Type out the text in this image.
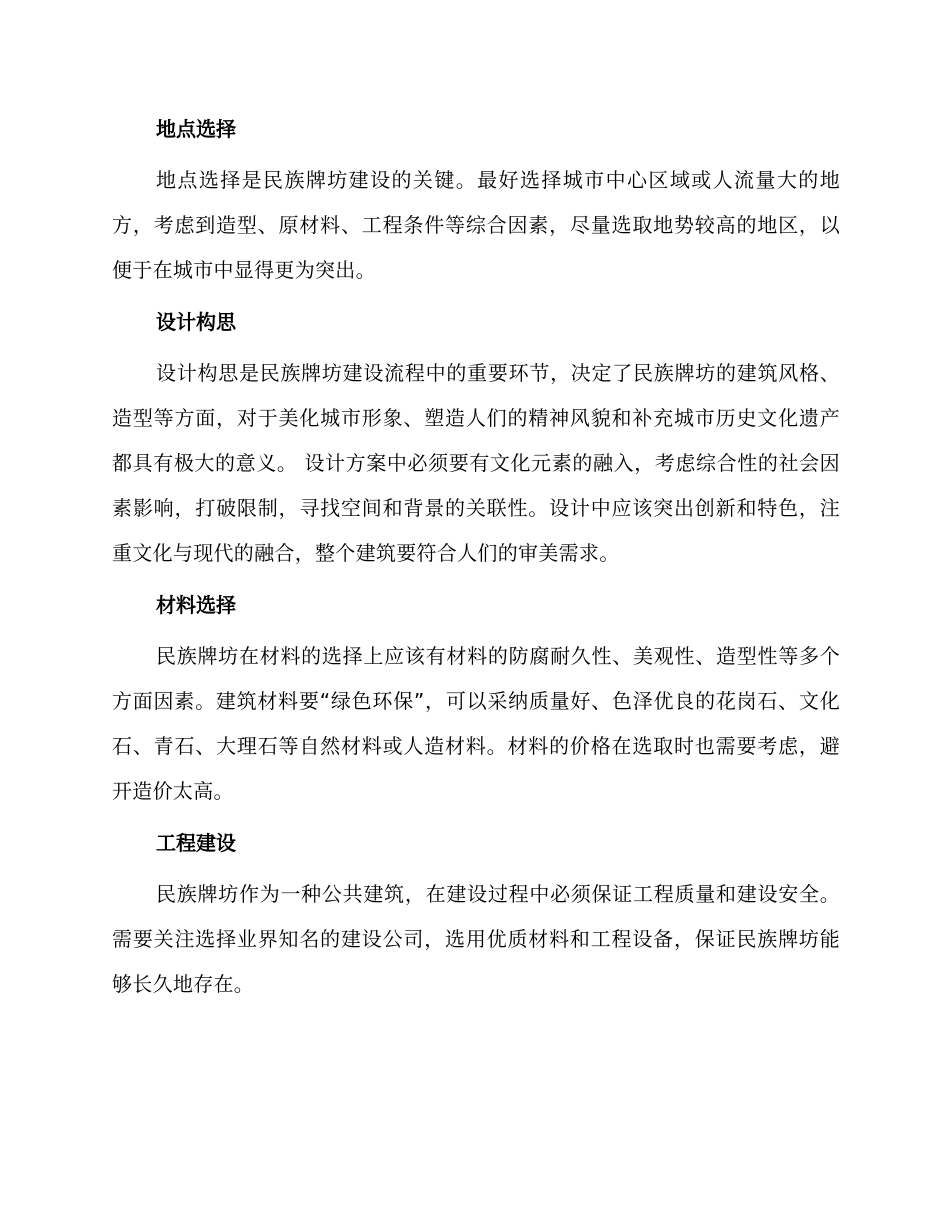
地点选择

地点选择是民族牌坊建设的关键。最好选择城市中心区域或人流量大的地方，考虑到造型、原材料、工程条件等综合因素，尽量选取地势较高的地区，以便于在城市中显得更为突出。

设计构思

设计构思是民族牌坊建设流程中的重要环节，决定了民族牌坊的建筑风格、造型等方面，对于美化城市形象、塑造人们的精神风貌和补充城市历史文化遗产都具有极大的意义。 设计方案中必须要有文化元素的融入，考虑综合性的社会因素影响，打破限制，寻找空间和背景的关联性。设计中应该突出创新和特色，注重文化与现代的融合，整个建筑要符合人们的审美需求。

材料选择

民族牌坊在材料的选择上应该有材料的防腐耐久性、美观性、造型性等多个方面因素。建筑材料要“绿色环保”，可以采纳质量好、色泽优良的花岗石、文化石、青石、大理石等自然材料或人造材料。材料的价格在选取时也需要考虑，避开造价太高。

工程建设

民族牌坊作为一种公共建筑，在建设过程中必须保证工程质量和建设安全。需要关注选择业界知名的建设公司，选用优质材料和工程设备，保证民族牌坊能够长久地存在。
